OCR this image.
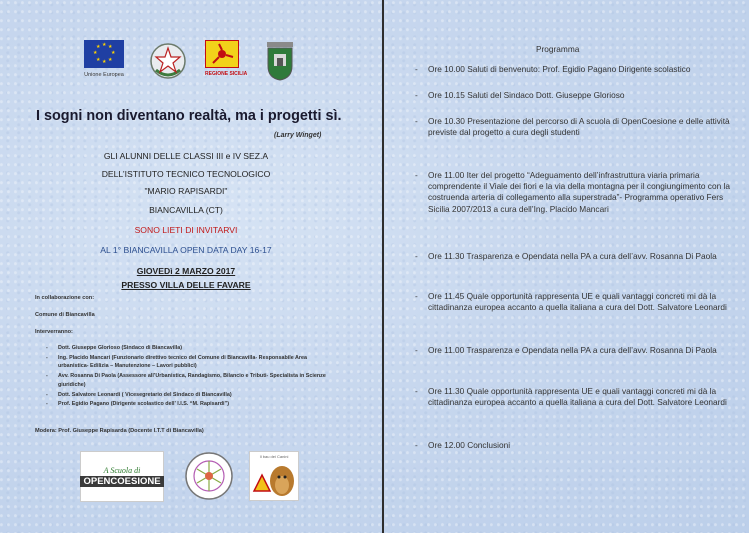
★ ★
★
★
★
★
★
★
Unione Europea	REGIONE SICILIA
I sogni non diventano realtà, ma i progetti sì.
(Larry Winget)
GLI ALUNNI DELLE CLASSI III e IV SEZ.A
DELL’ISTITUTO TECNICO TECNOLOGICO
"MARIO RAPISARDI"
BIANCAVILLA (CT)
SONO LIETI DI INVITARVI
AL 1° BIANCAVILLA OPEN DATA DAY 16-17
GIOVEDì 2 MARZO 2017
PRESSO VILLA DELLE FAVARE
In collaborazione con:
Comune di Biancavilla
Interverranno:
-	Dott. Giuseppe Glorioso (Sindaco di Biancavilla)
-	Ing. Placido Mancari (Funzionario direttivo tecnico del Comune di Biancavilla- Responsabile Area urbanistica- Edilizia – Manutenzione – Lavori pubblici)
-	Avv. Rosanna Di Paola (Assessore all’Urbanistica, Randagismo, Bilancio e Tributi- Specialista in Scienze giuridiche)
-	Dott. Salvatore Leonardi ( Vicesegretario del Sindaco di Biancavilla)
-	Prof. Egidio Pagano (Dirigente scolastico dell’ I.I.S. “M. Rapisardi”)
Modera: Prof. Giuseppe Rapisarda (Docente I.T.T di Biancavilla)
A Scuola di
OPENCOESIONE
Il bau dei Canini
Programma
-	Ore 10.00 Saluti di benvenuto: Prof. Egidio Pagano Dirigente scolastico
-	Ore 10.15 Saluti del Sindaco Dott. Giuseppe Glorioso
-	Ore 10.30 Presentazione del percorso di A scuola di OpenCoesione e delle attività previste dal progetto a cura degli studenti
-	Ore 11.00 Iter del progetto “Adeguamento dell’infrastruttura viaria primaria comprendente il Viale dei fiori e la via della montagna per il congiungimento con la costruenda arteria di collegamento alla superstrada”- Programma operativo Fers Sicilia 2007/2013 a cura dell’Ing. Placido Mancari
-	Ore 11.30 Trasparenza e Opendata nella PA a cura dell’avv. Rosanna Di Paola
-	Ore 11.45 Quale opportunità rappresenta UE e quali vantaggi concreti mi dà la cittadinanza europea accanto a quella italiana a cura del Dott. Salvatore Leonardi
-	Ore 11.00 Trasparenza e Opendata nella PA a cura dell’avv. Rosanna Di Paola
-	Ore 11.30 Quale opportunità rappresenta UE e quali vantaggi concreti mi dà la cittadinanza europea accanto a quella italiana a cura del Dott. Salvatore Leonardi
-	Ore 12.00 Conclusioni
